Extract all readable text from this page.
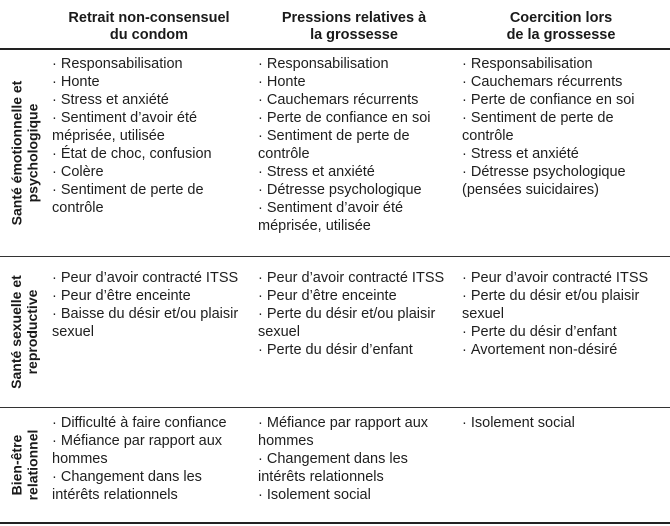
Retrait non-consensuel
du condom
Pressions relatives à
la grossesse
Coercition lors
de la grossesse
Santé émotionnelle et psychologique
Santé sexuelle et reproductive
Bien-être relationnel
· Responsabilisation
· Honte
· Stress et anxiété
· Sentiment d’avoir été méprisée, utilisée
· État de choc, confusion
· Colère
· Sentiment de perte de contrôle
· Responsabilisation
· Honte
· Cauchemars récurrents
· Perte de confiance en soi
· Sentiment de perte de contrôle
· Stress et anxiété
· Détresse psychologique
· Sentiment d’avoir été méprisée, utilisée
· Responsabilisation
· Cauchemars récurrents
· Perte de confiance en soi
· Sentiment de perte de contrôle
· Stress et anxiété
· Détresse psychologique (pensées suicidaires)
· Peur d’avoir contracté ITSS
· Peur d’être enceinte
· Baisse du désir et/ou plaisir sexuel
· Peur d’avoir contracté ITSS
· Peur d’être enceinte
· Perte du désir et/ou plaisir sexuel
· Perte du désir d’enfant
· Peur d’avoir contracté ITSS
· Perte du désir et/ou plaisir sexuel
· Perte du désir d’enfant
· Avortement non-désiré
· Difficulté à faire confiance
· Méfiance par rapport aux hommes
· Changement dans les intérêts relationnels
· Méfiance par rapport aux hommes
· Changement dans les intérêts relationnels
· Isolement social
· Isolement social
